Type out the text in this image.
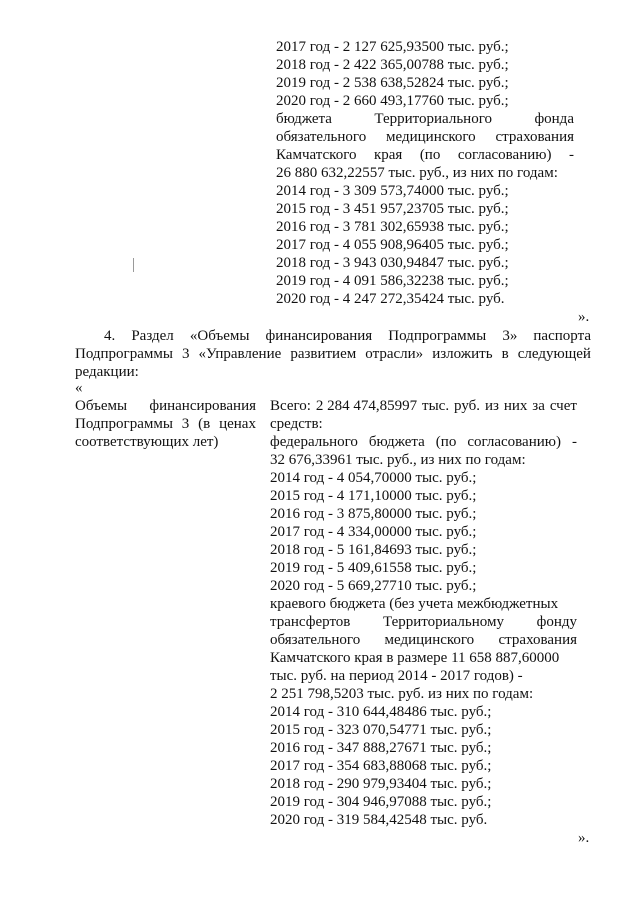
2017 год - 2 127 625,93500 тыс. руб.;
2018 год - 2 422 365,00788 тыс. руб.;
2019 год - 2 538 638,52824 тыс. руб.;
2020 год - 2 660 493,17760 тыс. руб.;
бюджета	Территориального	фонда
обязательного медицинского страхования
Камчатского края (по согласованию) -
26 880 632,22557 тыс. руб., из них по годам:
2014 год - 3 309 573,74000 тыс. руб.;
2015 год - 3 451 957,23705 тыс. руб.;
2016 год - 3 781 302,65938 тыс. руб.;
2017 год - 4 055 908,96405 тыс. руб.;
2018 год - 3 943 030,94847 тыс. руб.;
2019 год - 4 091 586,32238 тыс. руб.;
2020 год - 4 247 272,35424 тыс. руб.
».
4. Раздел «Объемы финансирования Подпрограммы 3» паспорта
Подпрограммы 3 «Управление развитием отрасли» изложить в следующей
редакции:
«
Объемы финансирования
Подпрограммы 3 (в ценах
соответствующих лет)
Всего: 2 284 474,85997 тыс. руб. из них за счет
средств:
федерального бюджета (по согласованию) -
32 676,33961 тыс. руб., из них по годам:
2014 год - 4 054,70000 тыс. руб.;
2015 год - 4 171,10000 тыс. руб.;
2016 год - 3 875,80000 тыс. руб.;
2017 год - 4 334,00000 тыс. руб.;
2018 год - 5 161,84693 тыс. руб.;
2019 год - 5 409,61558 тыс. руб.;
2020 год - 5 669,27710 тыс. руб.;
краевого бюджета (без учета межбюджетных
трансфертов Территориальному фонду
обязательного медицинского страхования
Камчатского края в размере 11 658 887,60000
тыс. руб. на период 2014 - 2017 годов) -
2 251 798,5203 тыс. руб. из них по годам:
2014 год - 310 644,48486 тыс. руб.;
2015 год - 323 070,54771 тыс. руб.;
2016 год - 347 888,27671 тыс. руб.;
2017 год - 354 683,88068 тыс. руб.;
2018 год - 290 979,93404 тыс. руб.;
2019 год - 304 946,97088 тыс. руб.;
2020 год - 319 584,42548 тыс. руб.
».
